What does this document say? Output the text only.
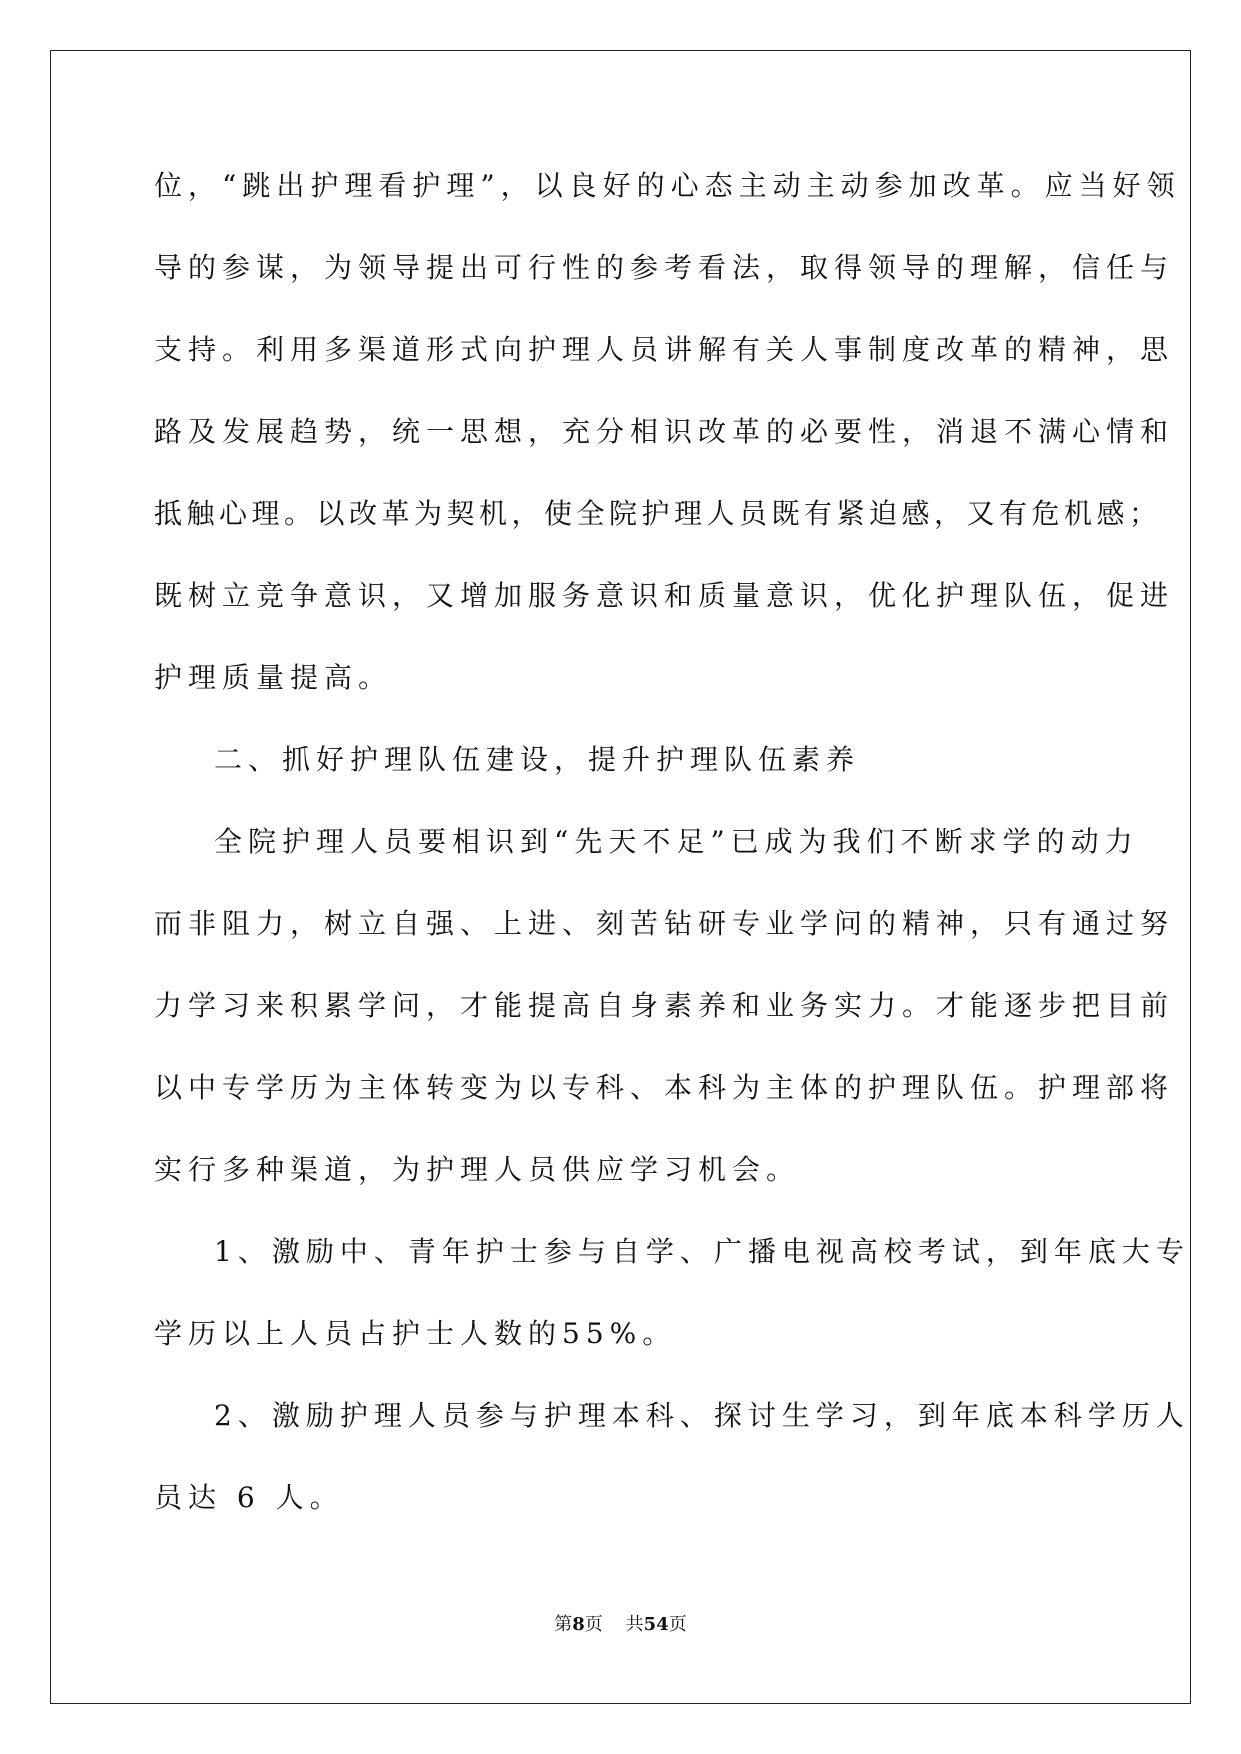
位，“跳出护理看护理”，以良好的心态主动主动参加改革。应当好领
导的参谋，为领导提出可行性的参考看法，取得领导的理解，信任与
支持。利用多渠道形式向护理人员讲解有关人事制度改革的精神，思
路及发展趋势，统一思想，充分相识改革的必要性，消退不满心情和
抵触心理。以改革为契机，使全院护理人员既有紧迫感，又有危机感；
既树立竞争意识，又增加服务意识和质量意识，优化护理队伍，促进
护理质量提高。
二、抓好护理队伍建设，提升护理队伍素养
全院护理人员要相识到“先天不足”已成为我们不断求学的动力
而非阻力，树立自强、上进、刻苦钻研专业学问的精神，只有通过努
力学习来积累学问，才能提高自身素养和业务实力。才能逐步把目前
以中专学历为主体转变为以专科、本科为主体的护理队伍。护理部将
实行多种渠道，为护理人员供应学习机会。
1、激励中、青年护士参与自学、广播电视高校考试，到年底大专
学历以上人员占护士人数的55%。
2、激励护理人员参与护理本科、探讨生学习，到年底本科学历人
员达 6 人。
第8页 共54页
